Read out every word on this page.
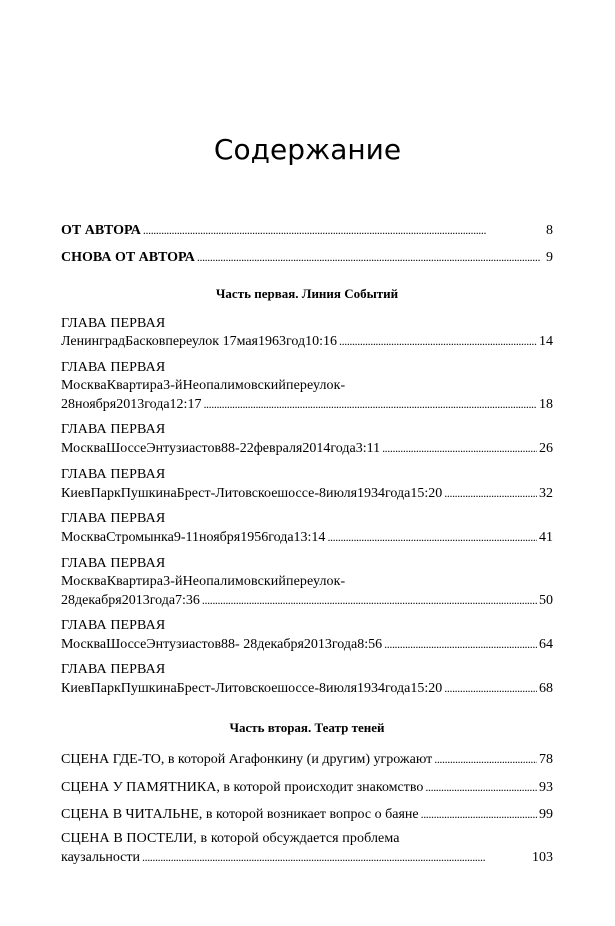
Содержание
ОТ АВТОРА . . .	8
СНОВА ОТ АВТОРА . . .	9
Часть первая. Линия Событий
ГЛАВА ПЕРВАЯ
ЛенинградБасковпереулок 17мая1963год10:16 . . .	14
ГЛАВА ПЕРВАЯ
МоскваКвартира3-йНеопалимовскийпереулок-
28ноября2013года12:17 . . .	18
ГЛАВА ПЕРВАЯ
МоскваШоссеЭнтузиастов88-22февраля2014года3:11 . . .	26
ГЛАВА ПЕРВАЯ
КиевПаркПушкинаБрест-Литовскоешоссе-8июля1934года15:20 . . .	32
ГЛАВА ПЕРВАЯ
МоскваСтромынка9-11ноября1956года13:14 . . .	41
ГЛАВА ПЕРВАЯ
МоскваКвартира3-йНеопалимовскийпереулок-
28декабря2013года7:36 . . .	50
ГЛАВА ПЕРВАЯ
МоскваШоссеЭнтузиастов88- 28декабря2013года8:56 . . .	64
ГЛАВА ПЕРВАЯ
КиевПаркПушкинаБрест-Литовскоешоссе-8июля1934года15:20 . . .	68
Часть вторая. Театр теней
СЦЕНА ГДЕ-ТО, в которой Агафонкину (и другим) угрожают . . .	78
СЦЕНА У ПАМЯТНИКА, в которой происходит знакомство . . .	93
СЦЕНА В ЧИТАЛЬНЕ, в которой возникает вопрос о баяне . . .	99
СЦЕНА В ПОСТЕЛИ, в которой обсуждается проблема
каузальности . . .	103
